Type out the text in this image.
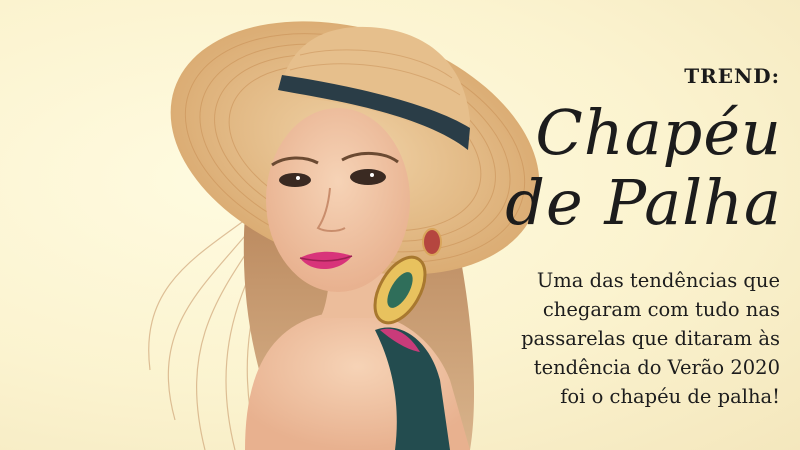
TREND:
Chapéu
de Palha

Uma das tendências que
chegaram com tudo nas
passarelas que ditaram às
tendência do Verão 2020
foi o chapéu de palha!
